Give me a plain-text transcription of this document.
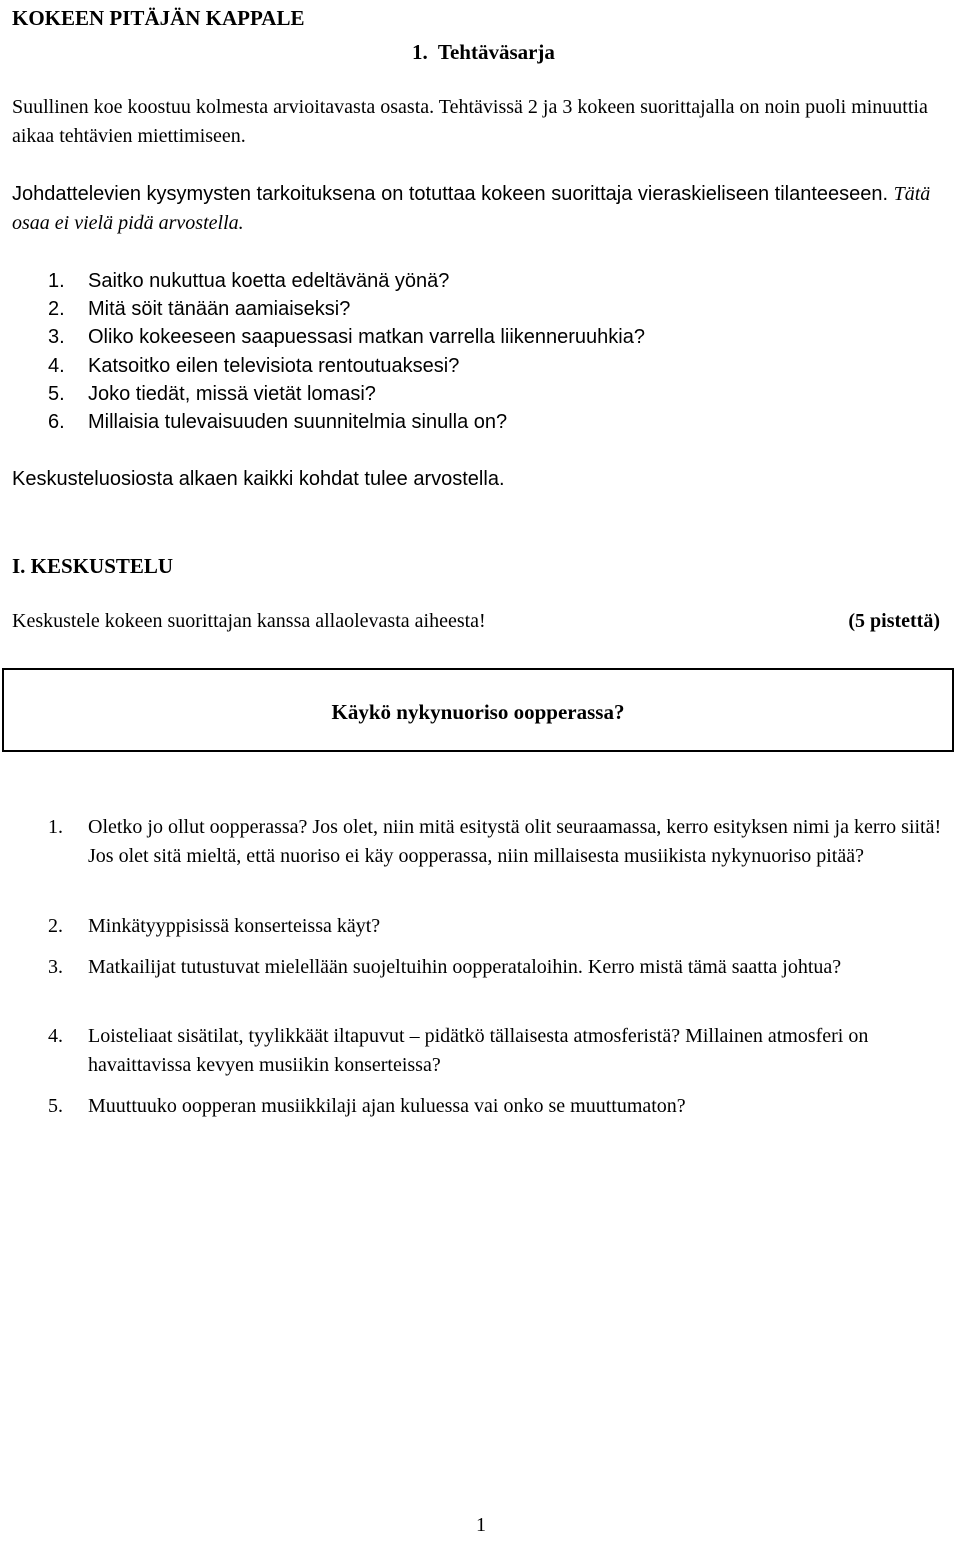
KOKEEN PITÄJÄN KAPPALE
1.  Tehtäväsarja
Suullinen koe koostuu kolmesta arvioitavasta osasta. Tehtävissä 2 ja 3 kokeen suorittajalla on noin puoli minuuttia aikaa tehtävien miettimiseen.
Johdattelevien kysymysten tarkoituksena on totuttaa kokeen suorittaja vieraskieliseen tilanteeseen. Tätä osaa ei vielä pidä arvostella.
1. Saitko nukuttua koetta edeltävänä yönä?
2. Mitä söit tänään aamiaiseksi?
3. Oliko kokeeseen saapuessasi matkan varrella liikenneruuhkia?
4. Katsoitko eilen televisiota rentoutuaksesi?
5. Joko tiedät, missä vietät lomasi?
6. Millaisia tulevaisuuden suunnitelmia sinulla on?
Keskusteluosiosta alkaen kaikki kohdat tulee arvostella.
I. KESKUSTELU
Keskustele kokeen suorittajan kanssa allaolevasta aiheesta!	(5 pistettä)
Käykö nykynuoriso oopperassa?
1. Oletko jo ollut oopperassa? Jos olet, niin mitä esitystä olit seuraamassa, kerro esityksen nimi ja kerro siitä! Jos olet sitä mieltä, että nuoriso ei käy oopperassa, niin millaisesta musiikista nykynuoriso pitää?
2. Minkätyyppisissä konserteissa käyt?
3. Matkailijat tutustuvat mielellään suojeltuihin oopperataloihin. Kerro mistä tämä saatta johtua?
4. Loisteliaat sisätilat, tyylikkäät iltapuvut – pidätkö tällaisesta atmosferistä? Millainen atmosferi on havaittavissa kevyen musiikin konserteissa?
5. Muuttuuko oopperan musiikkilaji ajan kuluessa vai onko se muuttumaton?
1
